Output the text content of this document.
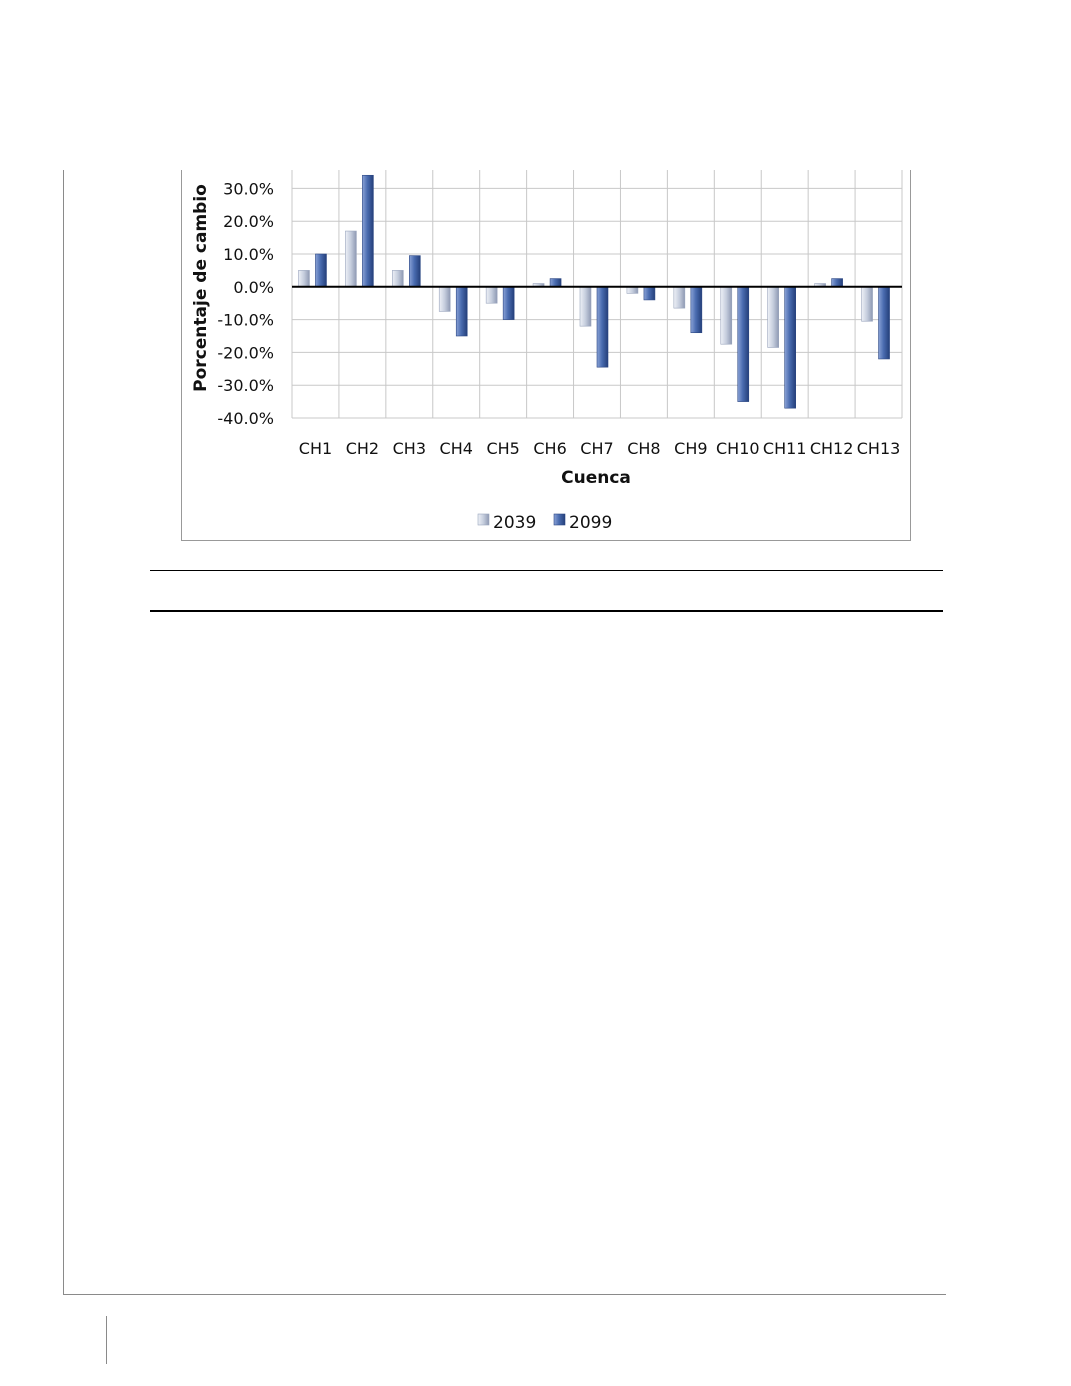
30.0%
20.0%
10.0%
0.0%
-10.0%
-20.0%
-30.0%
-40.0%
CH1 CH2 CH3 CH4 CH5 CH6 CH7 CH8 CH9 CH10 CH11 CH12 CH13
Porcentaje de cambio
Cuenca
2039 2099
